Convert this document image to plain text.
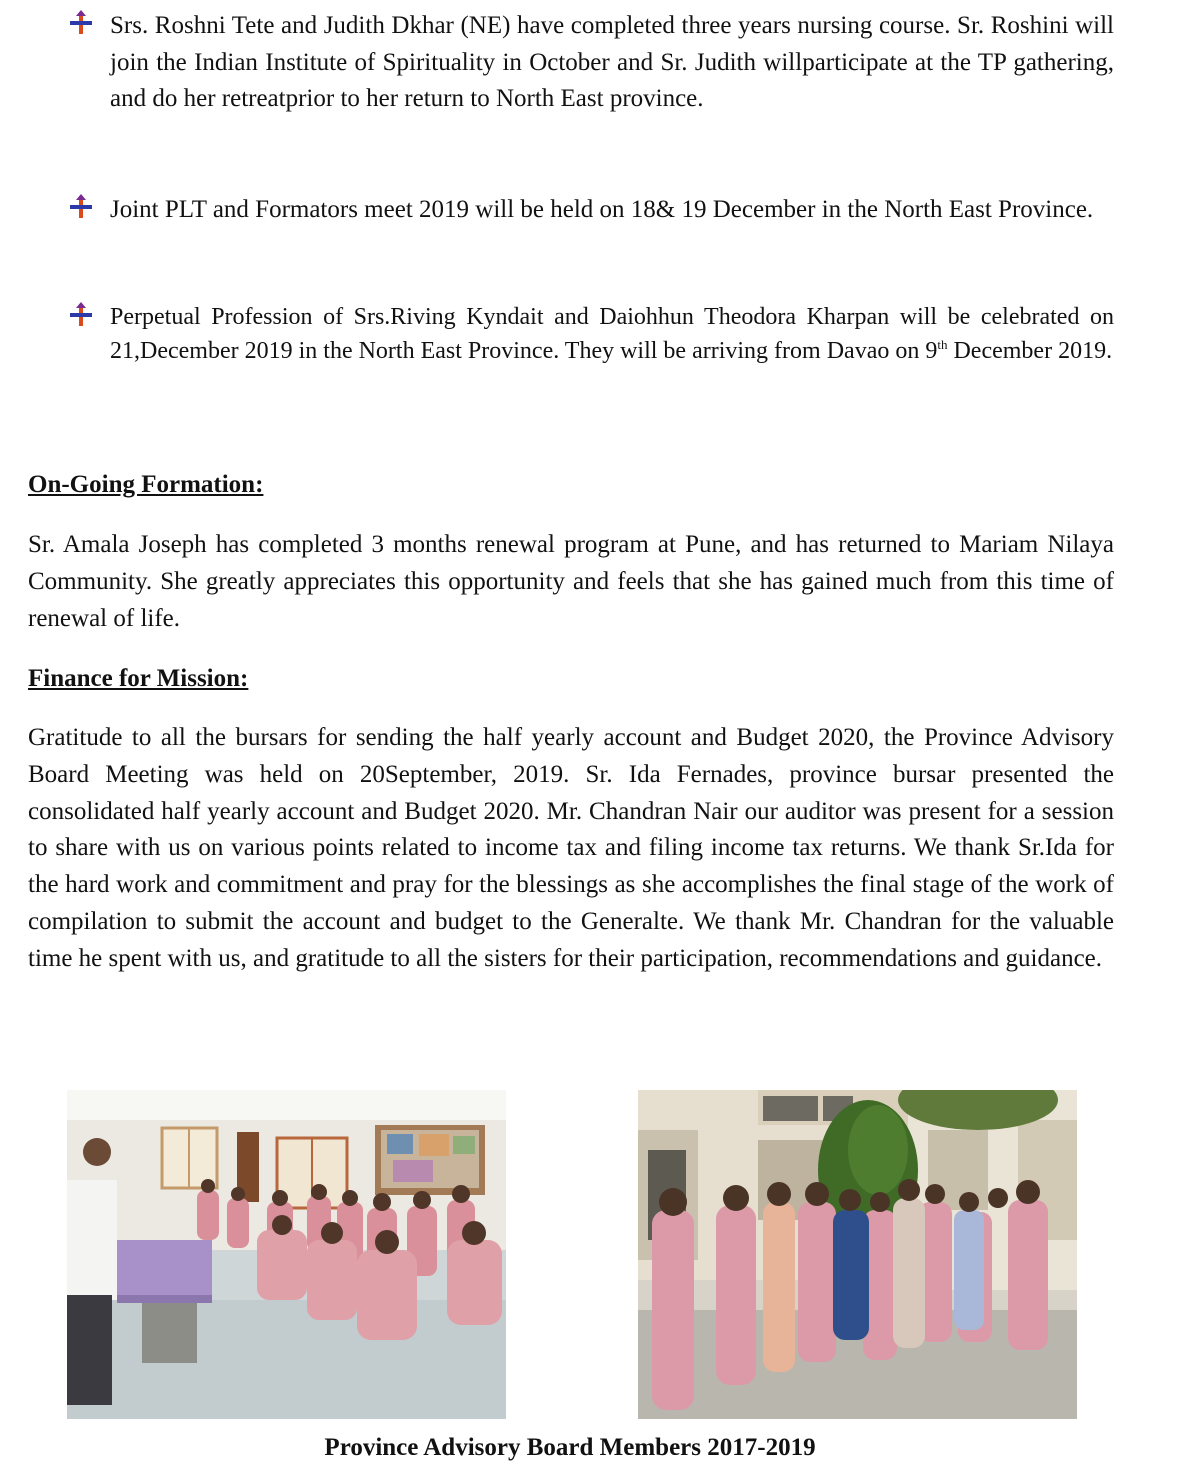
Srs. Roshni Tete and Judith Dkhar (NE) have completed three years nursing course. Sr. Roshini will join the Indian Institute of Spirituality in October and Sr. Judith willparticipate at the TP gathering, and do her retreatprior to her return to North East province.

Joint PLT and Formators meet 2019 will be held on 18& 19 December in the North East Province.

Perpetual Profession of Srs.Riving Kyndait and Daiohhun Theodora Kharpan will be celebrated on 21,December 2019 in the North East Province. They will be arriving from Davao on 9th December 2019.

On-Going Formation:

Sr. Amala Joseph has completed 3 months renewal program at Pune, and has returned to Mariam Nilaya Community. She greatly appreciates this opportunity and feels that she has gained much from this time of renewal of life.

Finance for Mission:

Gratitude to all the bursars for sending the half yearly account and Budget 2020, the Province Advisory Board Meeting was held on 20September, 2019. Sr. Ida Fernades, province bursar presented the consolidated half yearly account and Budget 2020. Mr. Chandran Nair our auditor was present for a session to share with us on various points related to income tax and filing income tax returns. We thank Sr.Ida for the hard work and commitment and pray for the blessings as she accomplishes the final stage of the work of compilation to submit the account and budget to the Generalte. We thank Mr. Chandran for the valuable time he spent with us, and gratitude to all the sisters for their participation, recommendations and guidance.

Province Advisory Board Members 2017-2019
